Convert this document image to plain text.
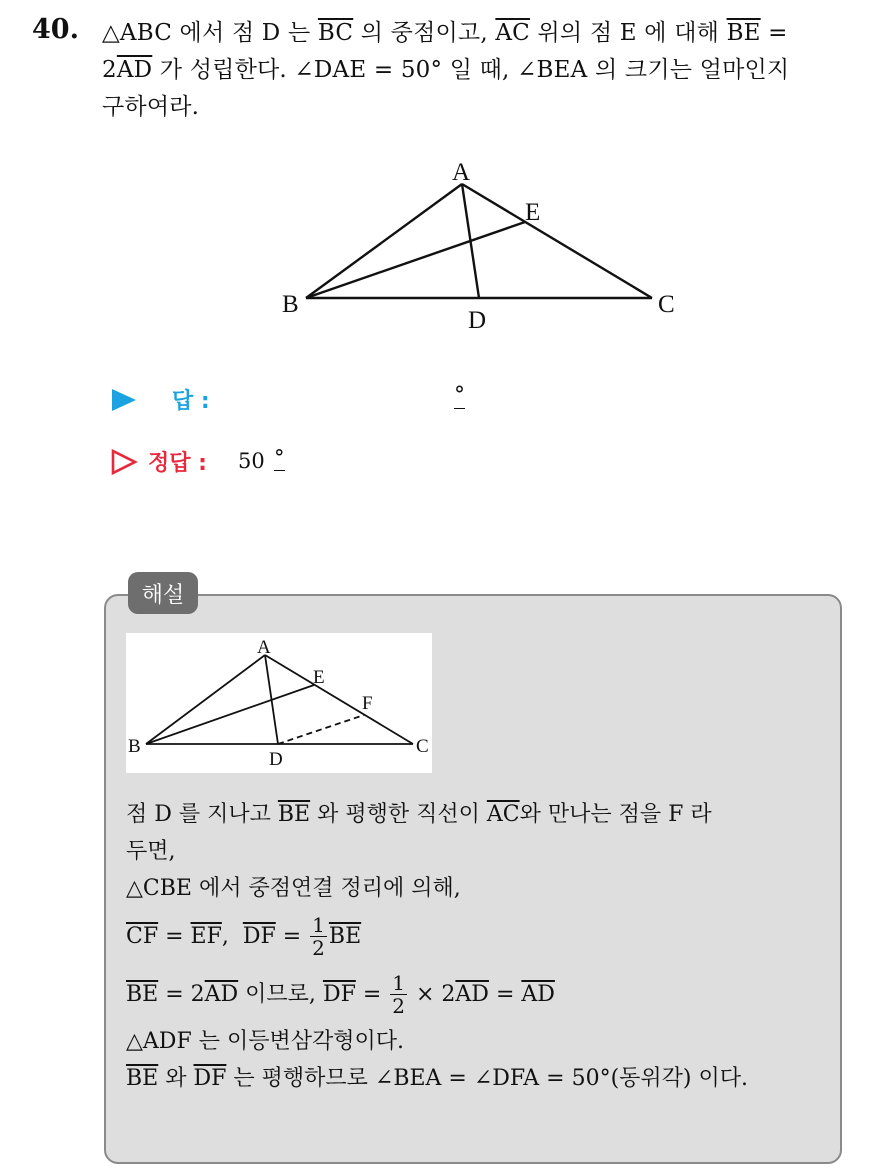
40. △ABC 에서 점 D 는 $\overline{BC}$ 의 중점이고, $\overline{AC}$ 위의 점 E 에 대해 $\overline{BE}$ =
$2\overline{AD}$ 가 성립한다. ∠DAE = 50° 일 때, ∠BEA 의 크기는 얼마인지
구하여라.
A
B	C
D
E
답 :	°
정답 : 50 °
해설
A
B	C
D
E
F
점 D 를 지나고 $\overline{BE}$ 와 평행한 직선이 $\overline{AC}$와 만나는 점을 F 라
두면,
△CBE 에서 중점연결 정리에 의해,
$\overline{CF} = \overline{EF}$ , $\overline{DF} = \frac{1}{2} \overline{BE}$
$\overline{BE} = 2$ $\overline{AD}$ 이므로, $\overline{DF} = \frac{1}{2} \times 2$ $\overline{AD} = \overline{AD}$
△ADF 는 이등변삼각형이다.
$\overline{BE}$ 와 $\overline{DF}$ 는 평행하므로 ∠BEA = ∠DFA = 50°(동위각) 이다.
